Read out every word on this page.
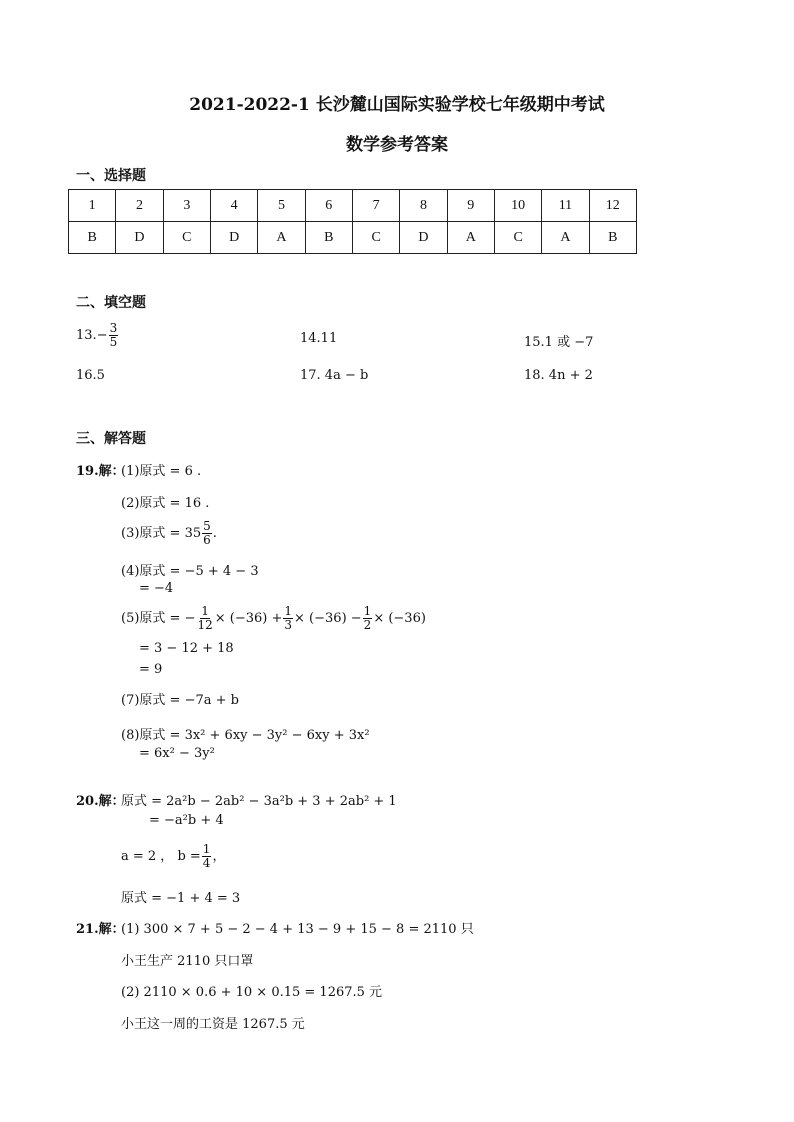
2021-2022-1 长沙麓山国际实验学校七年级期中考试
数学参考答案
一、选择题
1	2	3	4	5	6	7	8	9	10	11	12
B	D	C	D	A	B	C	D	A	C	A	B
二、填空题
$13.- \frac{3}{5}$	14.11	15.1 或 −7
16.5	17. 4a − b	18. 4n + 2
三、解答题
19.解：
(1)原式 = 6 .
(2)原式 = 16 .
(3)原式 = $35 \frac{5}{6}$ .
(4)原式 = −5 + 4 − 3
= −4
(5)原式 = − $\frac{1}{12} \times (-36) + \frac{1}{3} \times (-36) - \frac{1}{2} \times (-36)$
= 3 − 12 + 18
= 9
(7)原式 = −7a + b
(8)原式 = 3x² + 6xy − 3y² − 6xy + 3x²
= 6x² − 3y²
20.解：
原式 = 2a²b − 2ab² − 3a²b + 3 + 2ab² + 1
= −a²b + 4
a = 2 ， $b = \frac{1}{4}$ ，
原式 = −1 + 4 = 3
21.解：
(1) 300 × 7 + 5 − 2 − 4 + 13 − 9 + 15 − 8 = 2110 只
小王生产 2110 只口罩
(2) 2110 × 0.6 + 10 × 0.15 = 1267.5 元
小王这一周的工资是 1267.5 元
